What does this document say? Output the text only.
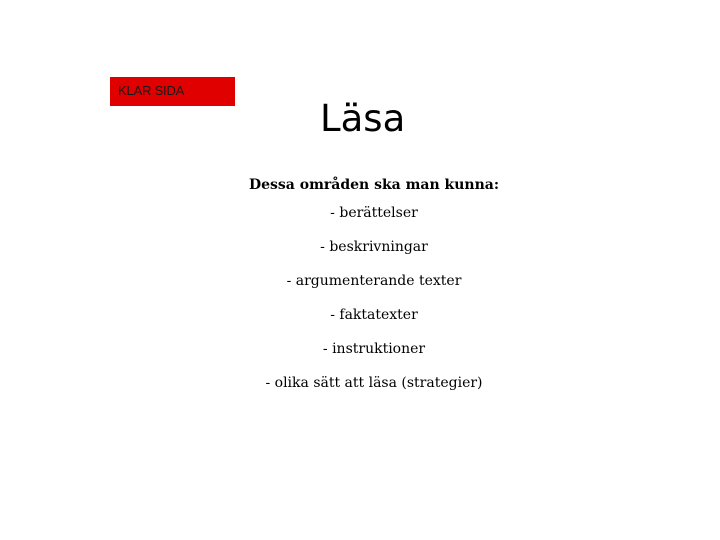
KLAR SIDA
Läsa
Dessa områden ska man kunna:
- berättelser
- beskrivningar
- argumenterande texter
- faktatexter
- instruktioner
- olika sätt att läsa (strategier)
